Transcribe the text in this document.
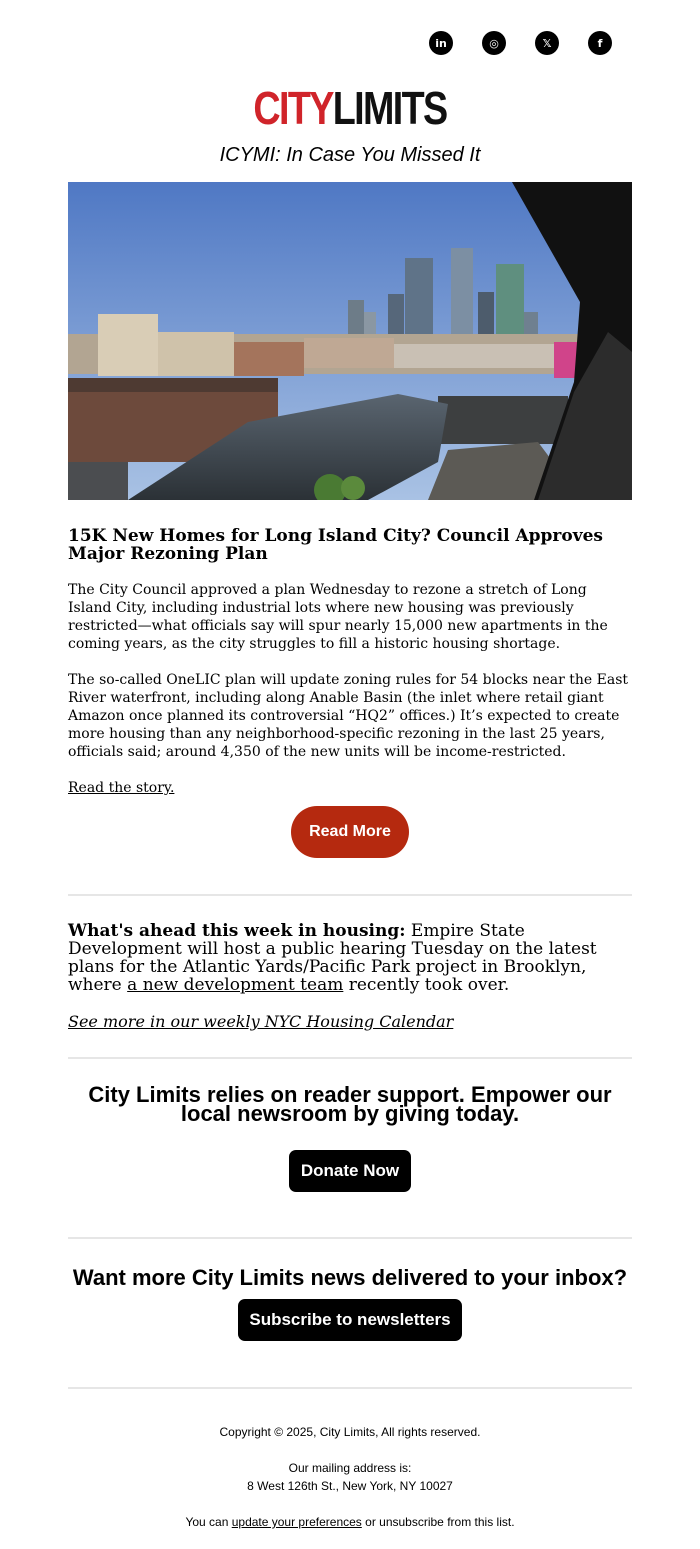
in	◎	𝕏	f
CITYLIMITS
ICYMI: In Case You Missed It
15K New Homes for Long Island City? Council Approves Major Rezoning Plan

The City Council approved a plan Wednesday to rezone a stretch of Long Island City, including industrial lots where new housing was previously restricted—what officials say will spur nearly 15,000 new apartments in the coming years, as the city struggles to fill a historic housing shortage.

The so-called OneLIC plan will update zoning rules for 54 blocks near the East River waterfront, including along Anable Basin (the inlet where retail giant Amazon once planned its controversial “HQ2” offices.) It’s expected to create more housing than any neighborhood-specific rezoning in the last 25 years, officials said; around 4,350 of the new units will be income-restricted.

Read the story.
Read More

What's ahead this week in housing: Empire State Development will host a public hearing Tuesday on the latest plans for the Atlantic Yards/Pacific Park project in Brooklyn, where a new development team recently took over.

See more in our weekly NYC Housing Calendar

City Limits relies on reader support. Empower our local newsroom by giving today.

Donate Now

Want more City Limits news delivered to your inbox?

Subscribe to newsletters

Copyright © 2025, City Limits, All rights reserved.

Our mailing address is:

8 West 126th St., New York, NY 10027

You can update your preferences or unsubscribe from this list.
